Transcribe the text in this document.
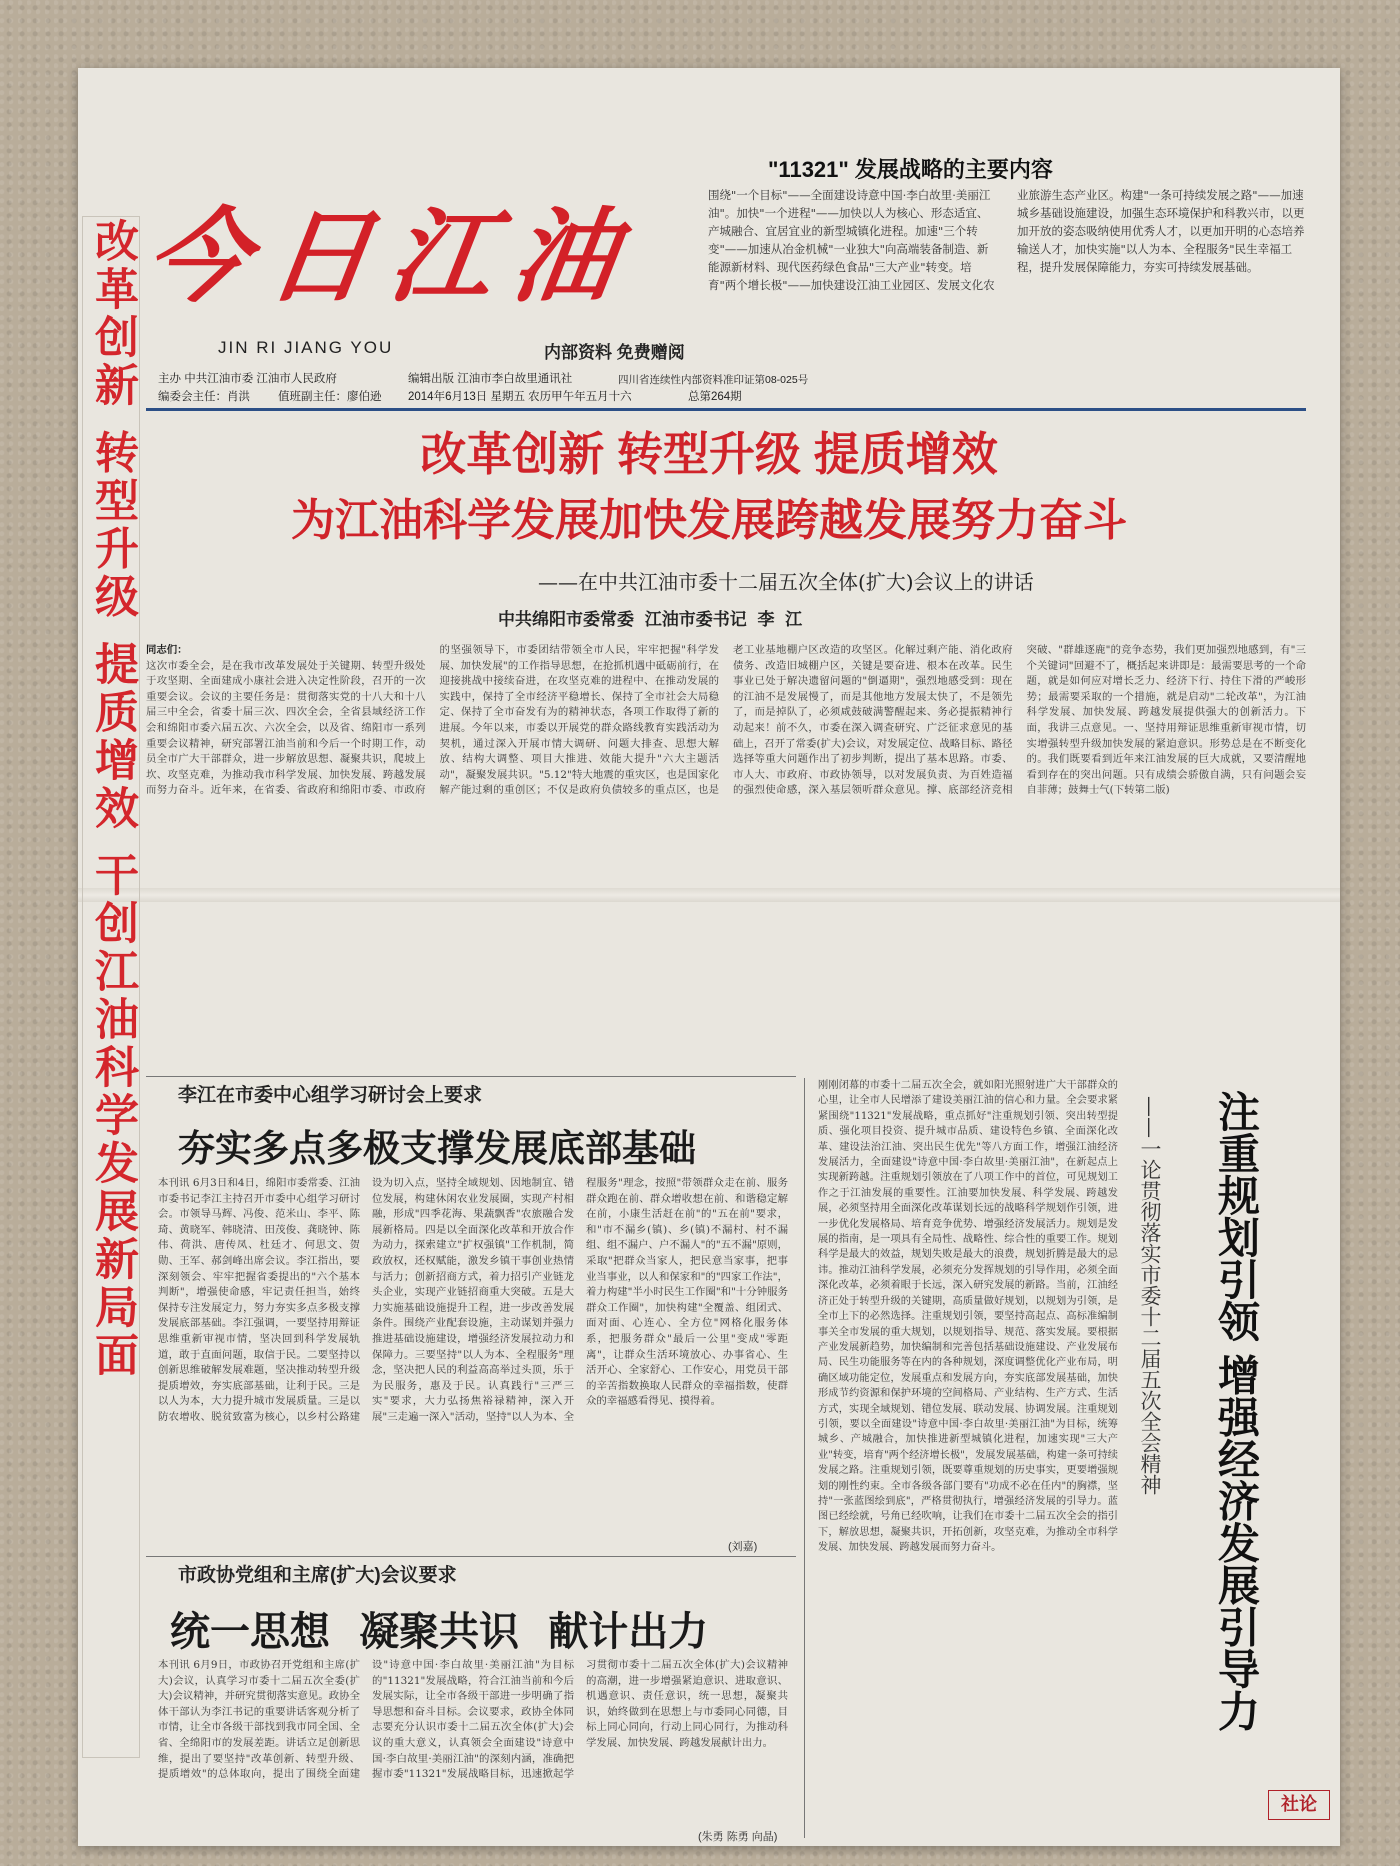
改革创新 转型升级 提质增效 干创江油科学发展新局面 今日江油
JIN RI JIANG YOU	内部资料 免费赠阅
主办 中共江油市委 江油市人民政府	编辑出版 江油市李白故里通讯社	四川省连续性内部资料准印证第08-025号
编委会主任：肖洪 值班副主任：廖伯逊 2014年6月13日 星期五 农历甲午年五月十六	总第264期
"11321" 发展战略的主要内容
围绕"一个目标"——全面建设诗意中国·李白故里·美丽江油"。加快"一个进程"——加快以人为核心、形态适宜、产城融合、宜居宜业的新型城镇化进程。加速"三个转变"——加速从冶金机械"一业独大"向高端装备制造、新能源新材料、现代医药绿色食品"三大产业"转变。培育"两个增长极"——加快建设江油工业园区、发展文化农业旅游生态产业区。构建"一条可持续发展之路"——加速城乡基础设施建设，加强生态环境保护和科教兴市，以更加开放的姿态吸纳使用优秀人才，以更加开明的心态培养输送人才，加快实施"以人为本、全程服务"民生幸福工程，提升发展保障能力，夯实可持续发展基础。
改革创新 转型升级 提质增效
为江油科学发展加快发展跨越发展努力奋斗
——在中共江油市委十二届五次全体(扩大)会议上的讲话
中共绵阳市委常委 江油市委书记 李 江
同志们：
这次市委全会，是在我市改革发展处于关键期、转型升级处于攻坚期、全面建成小康社会进入决定性阶段，召开的一次重要会议。会议的主要任务是：贯彻落实党的十八大和十八届三中全会，省委十届三次、四次全会，全省县域经济工作会和绵阳市委六届五次、六次全会，以及省、绵阳市一系列重要会议精神，研究部署江油当前和今后一个时期工作，动员全市广大干部群众，进一步解放思想、凝聚共识，爬坡上坎、攻坚克难，为推动我市科学发展、加快发展、跨越发展而努力奋斗。近年来，在省委、省政府和绵阳市委、市政府的坚强领导下，市委团结带领全市人民，牢牢把握"科学发展、加快发展"的工作指导思想，在抢抓机遇中砥砺前行，在迎接挑战中接续奋进，在攻坚克难的进程中、在推动发展的实践中，保持了全市经济平稳增长、保持了全市社会大局稳定、保持了全市奋发有为的精神状态，各项工作取得了新的进展。今年以来，市委以开展党的群众路线教育实践活动为契机，通过深入开展市情大调研、问题大排查、思想大解放、结构大调整、项目大推进、效能大提升"六大主题活动"，凝聚发展共识。"5.12"特大地震的重灾区，也是国家化解产能过剩的重创区；不仅是政府负债较多的重点区，也是老工业基地棚户区改造的攻坚区。化解过剩产能、消化政府债务、改造旧城棚户区，关键是要奋进、根本在改革。民生事业已处于解决遗留问题的"倒逼期"，强烈地感受到：现在的江油不是发展慢了，而是其他地方发展太快了，不是领先了，而是掉队了，必须咸鼓破满警醒起来、务必提振精神行动起来！前不久，市委在深入调查研究、广泛征求意见的基础上，召开了常委(扩大)会议，对发展定位、战略目标、路径选择等重大问题作出了初步判断，提出了基本思路。市委、市人大、市政府、市政协领导，以对发展负责、为百姓造福的强烈使命感，深入基层领听群众意见。撑、底部经济竞相突破、"群雄逐鹿"的竞争态势，我们更加强烈地感到，有"三个关键词"回避不了，概括起来讲即是：最需要思考的一个命题，就是如何应对增长乏力、经济下行、持住下滑的严峻形势；最需要采取的一个措施，就是启动"二轮改革"，为江油科学发展、加快发展、跨越发展提供强大的创新活力。下面，我讲三点意见。一、坚持用辩证思维重新审视市情，切实增强转型升级加快发展的紧迫意识。形势总是在不断变化的。我们既要看到近年来江油发展的巨大成就，又要清醒地看到存在的突出问题。只有成绩会骄傲自满，只有问题会妄自菲薄；鼓舞士气(下转第二版)
李江在市委中心组学习研讨会上要求
夯实多点多极支撑发展底部基础
本刊讯 6月3日和4日，绵阳市委常委、江油市委书记李江主持召开市委中心组学习研讨会。市领导马辉、冯俊、范米山、李平、陈琦、黄晓军、韩晓清、田茂俊、龚晓钟、陈伟、荷洪、唐传凤、杜廷才、何思文、贺勋、王军、郝剑峰出席会议。李江指出，要深刻领会、牢牢把握省委提出的"六个基本判断"，增强使命感，牢记责任担当，始终保持专注发展定力，努力夯实多点多极支撑发展底部基础。李江强调，一要坚持用辩证思维重新审视市情，坚决回到科学发展轨道，敢于直面问题，取信于民。二要坚持以创新思维破解发展难题，坚决推动转型升级提质增效，夯实底部基础，让利于民。三是以人为本，大力提升城市发展质量。三是以防农增收、脱贫致富为核心，以乡村公路建设为切入点，坚持全域规划、因地制宜、错位发展，构建休闲农业发展圈，实现产村相融，形成"四季花海、果蔬飘香"农旅融合发展新格局。四是以全面深化改革和开放合作为动力，探索建立"扩权强镇"工作机制，简政放权，还权赋能，激发乡镇干事创业热情与活力；创新招商方式，着力招引产业链龙头企业，实现产业链招商重大突破。五是大力实施基础设施提升工程，进一步改善发展条件。围绕产业配套设施，主动谋划并强力推进基础设施建设，增强经济发展拉动力和保障力。三要坚持"以人为本、全程服务"理念，坚决把人民的利益高高举过头顶，乐于为民服务，惠及于民。认真践行"三严三实"要求，大力弘扬焦裕禄精神，深入开展"三走遍一深入"活动，坚持"以人为本、全程服务"理念，按照"带领群众走在前、服务群众跑在前、群众增收想在前、和谐稳定解在前，小康生活赶在前"的"五在前"要求，和"市不漏乡(镇)、乡(镇)不漏村、村不漏组、组不漏户、户不漏人"的"五不漏"原则，采取"把群众当家人，把民意当家事，把事业当事业，以人和保家和"的"四家工作法"，着力构建"半小时民生工作圈"和"十分钟服务群众工作圈"，加快构建"全覆盖、组团式、面对面、心连心、全方位"网格化服务体系，把服务群众"最后一公里"变成"零距离"，让群众生活环境放心、办事省心、生活开心、全家舒心、工作安心，用党员干部的辛苦指数换取人民群众的幸福指数，使群众的幸福感看得见、摸得着。
(刘嘉)
市政协党组和主席(扩大)会议要求
统一思想 凝聚共识 献计出力
本刊讯 6月9日，市政协召开党组和主席(扩大)会议，认真学习市委十二届五次全委(扩大)会议精神，并研究贯彻落实意见。政协全体干部认为李江书记的重要讲话客观分析了市情，让全市各级干部找到我市同全国、全省、全绵阳市的发展差距。讲话立足创新思维，提出了要坚持"改革创新、转型升级、提质增效"的总体取向，提出了围绕全面建设"诗意中国·李白故里·美丽江油"为目标的"11321"发展战略，符合江油当前和今后发展实际，让全市各级干部进一步明确了指导思想和奋斗目标。会议要求，政协全体同志要充分认识市委十二届五次全体(扩大)会议的重大意义，认真领会全面建设"诗意中国·李白故里·美丽江油"的深刻内涵，准确把握市委"11321"发展战略目标，迅速掀起学习贯彻市委十二届五次全体(扩大)会议精神的高潮，进一步增强紧迫意识、进取意识、机遇意识、责任意识，统一思想，凝聚共识，始终做到在思想上与市委同心同德，目标上同心同向，行动上同心同行，为推动科学发展、加快发展、跨越发展献计出力。
(朱勇 陈勇 向晶)
刚刚闭幕的市委十二届五次全会，就如阳光照射进广大干部群众的心里，让全市人民增添了建设美丽江油的信心和力量。全会要求紧紧围绕"11321"发展战略，重点抓好"注重规划引领、突出转型提质、强化项目投资、提升城市品质、建设特色乡镇、全面深化改革、建设法治江油、突出民生优先"等八方面工作，增强江油经济发展活力，全面建设"诗意中国·李白故里·美丽江油"，在新起点上实现新跨越。注重规划引领放在了八项工作中的首位，可见规划工作之于江油发展的重要性。江油要加快发展、科学发展、跨越发展，必须坚持用全面深化改革谋划长远的战略科学规划作引领，进一步优化发展格局、培育竞争优势、增强经济发展活力。规划是发展的指南，是一项具有全局性、战略性、综合性的重要工作。规划科学是最大的效益，规划失败是最大的浪费，规划折腾是最大的忌讳。推动江油科学发展，必须充分发挥规划的引导作用，必须全面深化改革，必须着眼于长远，深入研究发展的新路。当前，江油经济正处于转型升级的关键期，高质量做好规划，以规划为引领，是全市上下的必然选择。注重规划引领，要坚持高起点、高标准编制事关全市发展的重大规划，以规划指导、规范、落实发展。要根据产业发展新趋势，加快编制和完善包括基础设施建设、产业发展布局、民生功能服务等在内的各种规划，深度调整优化产业布局，明确区域功能定位，发展重点和发展方向，夯实底部发展基础，加快形成节约资源和保护环境的空间格局、产业结构、生产方式、生活方式，实现全域规划、错位发展、联动发展、协调发展。注重规划引领，要以全面建设"诗意中国·李白故里·美丽江油"为目标，统筹城乡、产城融合，加快推进新型城镇化进程，加速实现"三大产业"转变，培育"两个经济增长极"，发展发展基础，构建一条可持续发展之路。注重规划引领，既要尊重规划的历史事实，更要增强规划的刚性约束。全市各级各部门要有"功成不必在任内"的胸襟，坚持"一张蓝图绘到底"，严格贯彻执行，增强经济发展的引导力。蓝图已经绘就，号角已经吹响，让我们在市委十二届五次全会的指引下，解放思想，凝聚共识，开拓创新，攻坚克难，为推动全市科学发展、加快发展、跨越发展而努力奋斗。
——一论贯彻落实市委十二届五次全会精神 注重规划引领 增强经济发展引导力
社论
